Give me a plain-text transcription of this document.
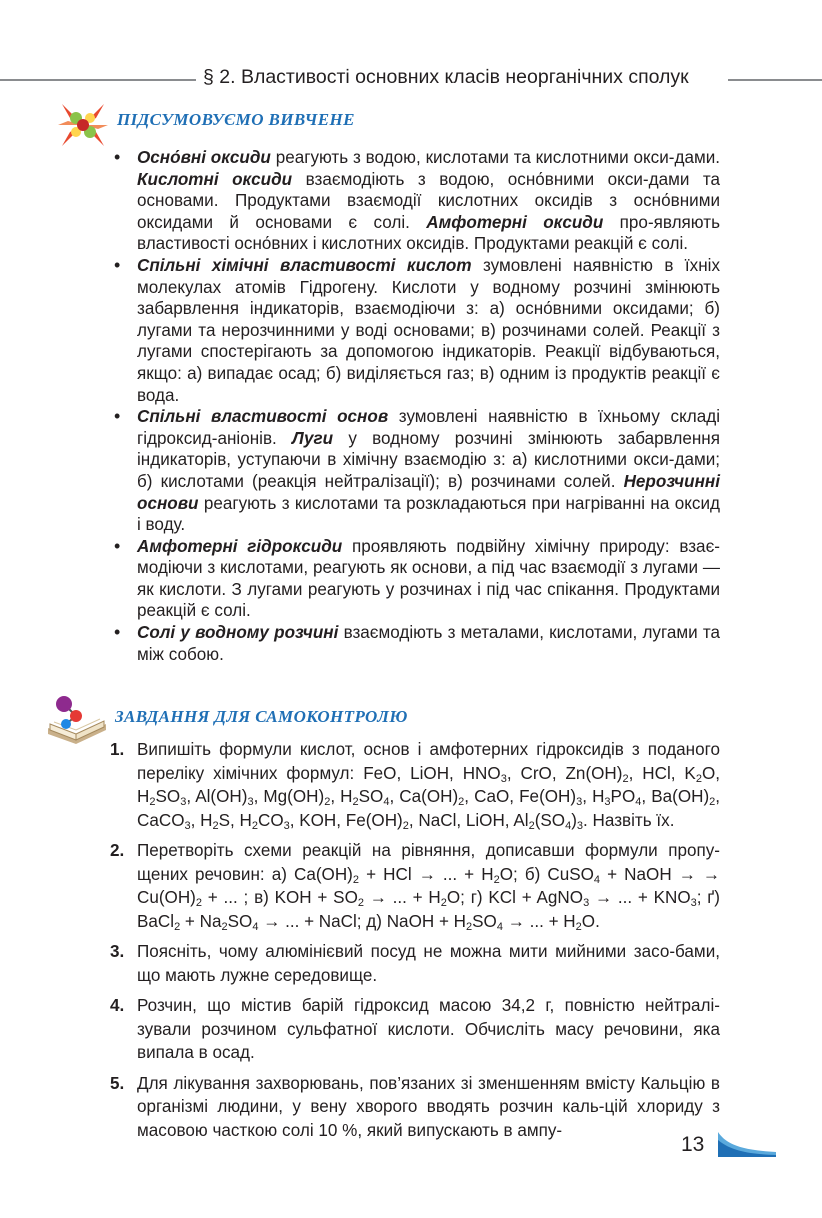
§ 2. Властивості основних класів неорганічних сполук
ПІДСУМОВУЄМО ВИВЧЕНЕ
• Осно́вні оксиди реагують з водою, кислотами та кислотними окси-дами. Кислотні оксиди взаємодіють з водою, осно́вними окси-дами та основами. Продуктами взаємодії кислотних оксидів з осно́вними оксидами й основами є солі. Амфотерні оксиди про-являють властивості осно́вних і кислотних оксидів. Продуктами реакцій є солі.
• Спільні хімічні властивості кислот зумовлені наявністю в їхніх молекулах атомів Гідрогену. Кислоти у водному розчині змінюють забарвлення індикаторів, взаємодіючи з: а) осно́вними оксидами; б) лугами та нерозчинними у воді основами; в) розчинами солей. Реакції з лугами спостерігають за допомогою індикаторів. Реакції відбуваються, якщо: а) випадає осад; б) виділяється газ; в) одним із продуктів реакції є вода.
• Спільні властивості основ зумовлені наявністю в їхньому складі гідроксид-аніонів. Луги у водному розчині змінюють забарвлення індикаторів, уступаючи в хімічну взаємодію з: а) кислотними окси-дами; б) кислотами (реакція нейтралізації); в) розчинами солей. Нерозчинні основи реагують з кислотами та розкладаються при нагріванні на оксид і воду.
• Амфотерні гідроксиди проявляють подвійну хімічну природу: взає-модіючи з кислотами, реагують як основи, а під час взаємодії з лугами — як кислоти. З лугами реагують у розчинах і під час спікання. Продуктами реакцій є солі.
• Солі у водному розчині взаємодіють з металами, кислотами, лугами та між собою.
ЗАВДАННЯ ДЛЯ САМОКОНТРОЛЮ
1. Випишіть формули кислот, основ і амфотерних гідроксидів з поданого переліку хімічних формул: FeO, LiOH, $HNO_3$, CrO, $Zn(OH)_2$, HCl, $K_2O$, $H_2SO_3$, $Al(OH)_3$, $Mg(OH)_2$, $H_2SO_4$, $Ca(OH)_2$, CaO, $Fe(OH)_3$, $H_3PO_4$, $Ba(OH)_2$, CaCO$_3$, $H_2S$, $H_2CO_3$, KOH, $Fe(OH)_2$, NaCl, LiOH, $Al_2(SO_4)_3$. Назвіть їх.
2. Перетворіть схеми реакцій на рівняння, дописавши формули пропу-щених речовин: а) $Ca(OH)_2$ + HCl → ... + $H_2O$; б) CuSO$_4$ + NaOH → → $Cu(OH)_2$ + ... ; в) KOH + $SO_2$ → ... + $H_2O$; г) KCl + AgNO$_3$ → ... + $KNO_3$; ґ) BaCl$_2$ + $Na_2SO_4$ → ... + NaCl; д) NaOH + $H_2SO_4$ → ... + $H_2O$.
3. Поясніть, чому алюмінієвий посуд не можна мити мийними засо-бами, що мають лужне середовище.
4. Розчин, що містив барій гідроксид масою 34,2 г, повністю нейтралі-зували розчином сульфатної кислоти. Обчисліть масу речовини, яка випала в осад.
5. Для лікування захворювань, пов’язаних зі зменшенням вмісту Кальцію в організмі людини, у вену хворого вводять розчин каль-цій хлориду з масовою часткою солі 10 %, який випускають в ампу-
13
